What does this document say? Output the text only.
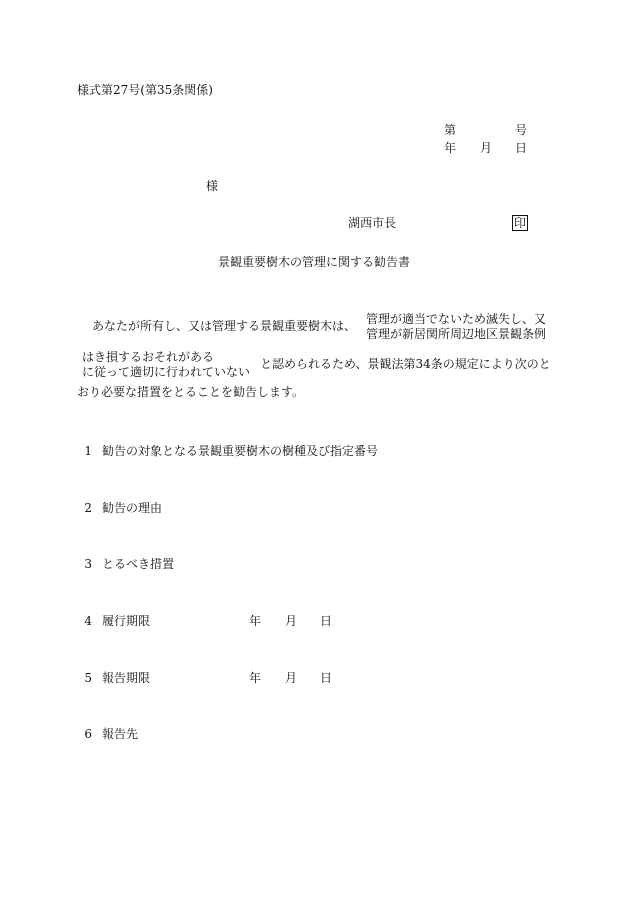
様式第27号(第35条関係)
第	号
年 月 日
様
湖西市長	印
景観重要樹木の管理に関する勧告書
あなたが所有し、又は管理する景観重要樹木は、 管理が適当でないため滅失し、又
管理が新居関所周辺地区景観条例
はき損するおそれがある
に従って適切に行われていない
と認められるため、景観法第34条の規定により次のと
おり必要な措置をとることを勧告します。
1 勧告の対象となる景観重要樹木の樹種及び指定番号
2 勧告の理由
3 とるべき措置
4 履行期限	年 月 日
5 報告期限	年 月 日
6 報告先
